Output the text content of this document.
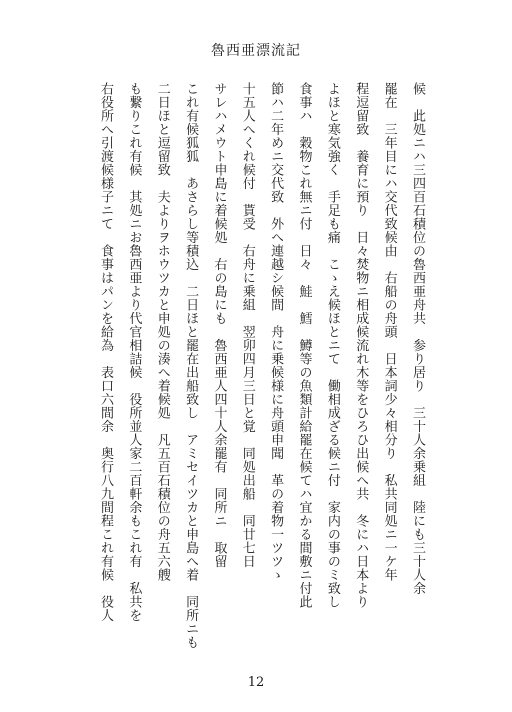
魯西亜漂流記
候　此処ニハ三四百石積位の魯西亜舟共　参り居り　三十人余乗組　陸にも三十人余
罷在　三年目にハ交代致候由　右船の舟頭　日本詞少々相分り　私共同処ニ一ケ年
程逗留致　養育に預り　日々焚物ニ相成候流れ木等をひろひ出候へ共　冬にハ日本より
よほと寒気強く　手足も痛　こゝえ候ほとニて　働相成ざる候ニ付　家内の事のミ致し
食事ハ　穀物これ無ニ付　日々　鮭　鱈　鱒等の魚類計給罷在候てハ宜かる間敷ニ付此
節ハ二年めニ交代致　外へ連越シ候間　舟に乗候様に舟頭申聞　革の着物一ツツゝ
十五人へくれ候付　貰受　右舟に乗組　翌卯四月三日と覚　同処出船　同廿七日
サレハメウト申島に着候処　右の島にも　魯西亜人四十人余罷有　同所ニ　取留
これ有候狐狐　あさらし等積込　二日ほと罷在出船致し　アミセイツカと申島へ着　同所ニも
二日ほと逗留致　夫よりヲホウツカと申処の湊へ着候処　凡五百石積位の舟五六艘
も繋りこれ有候　其処ニお魯西亜より代官相詰候　役所並人家二百軒余もこれ有　私共を
右役所へ引渡候様子ニて　食事はパンを給為　表口六間余　奥行八九間程これ有候　役人
12
